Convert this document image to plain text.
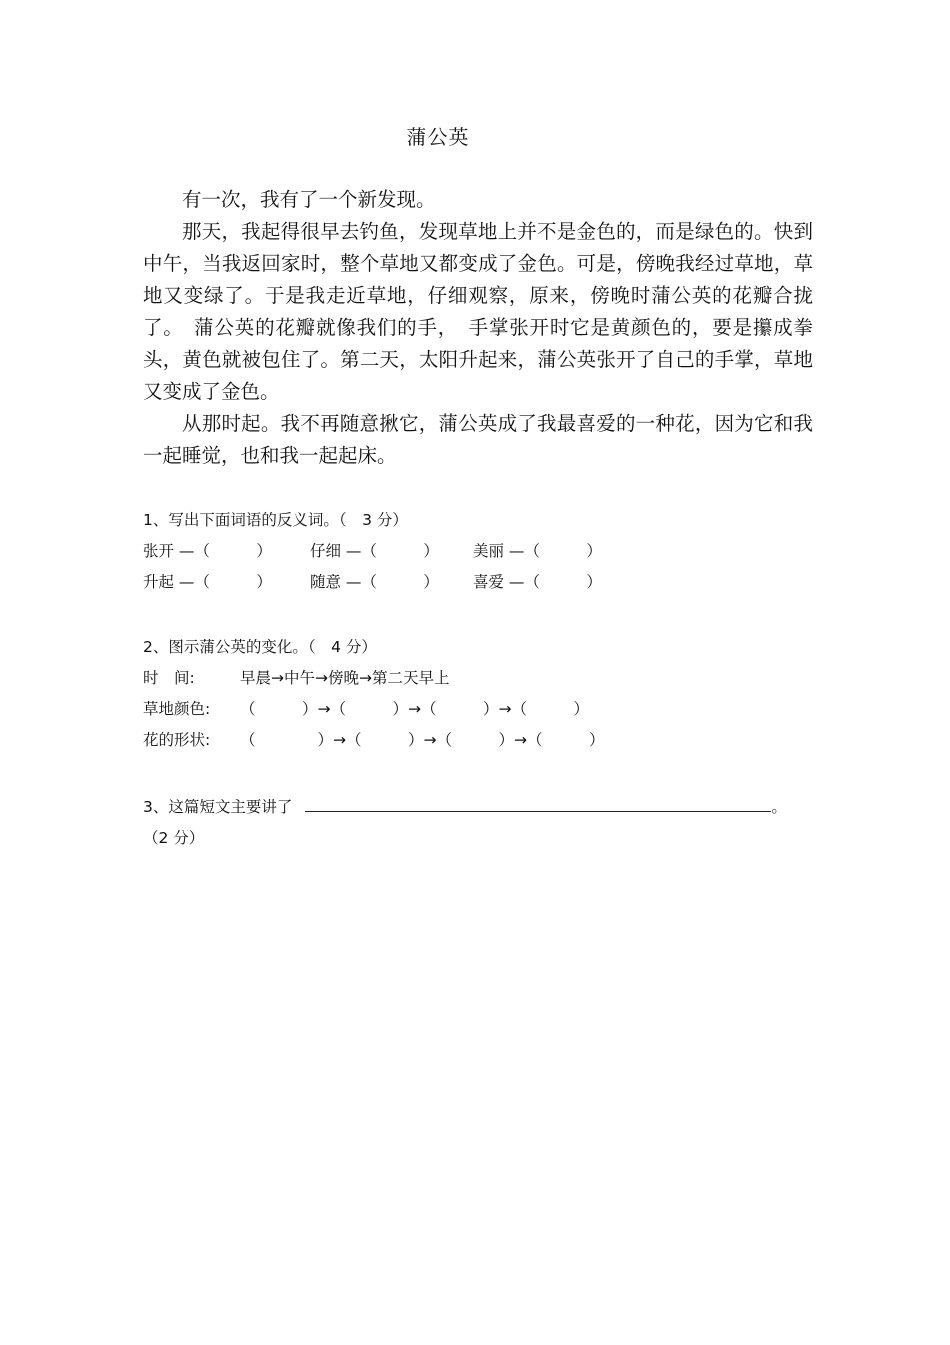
蒲公英

有一次，我有了一个新发现。

那天，我起得很早去钓鱼，发现草地上并不是金色的，而是绿色的。快到中午，当我返回家时，整个草地又都变成了金色。可是，傍晚我经过草地，草地又变绿了。于是我走近草地，仔细观察，原来，傍晚时蒲公英的花瓣合拢了。　蒲公英的花瓣就像我们的手，　手掌张开时它是黄颜色的，要是攥成拳头，黄色就被包住了。第二天，太阳升起来，蒲公英张开了自己的手掌，草地又变成了金色。

从那时起。我不再随意揪它，蒲公英成了我最喜爱的一种花，因为它和我一起睡觉，也和我一起起床。

1、写出下面词语的反义词。（　3 分）
张开 —（　　　） 仔细 —（　　　） 美丽 —（　　　）
升起 —（　　　） 随意 —（　　　） 喜爱 —（　　　）
2、图示蒲公英的变化。（　4 分）
时　间:	早晨→中午→傍晚→第二天早上
草地颜色: （　　　）→（　　　）→（　　　）→（　　　）
花的形状: （　　　　）→（　　　）→（　　　）→（　　　）
3、这篇短文主要讲了	。
（2 分）
